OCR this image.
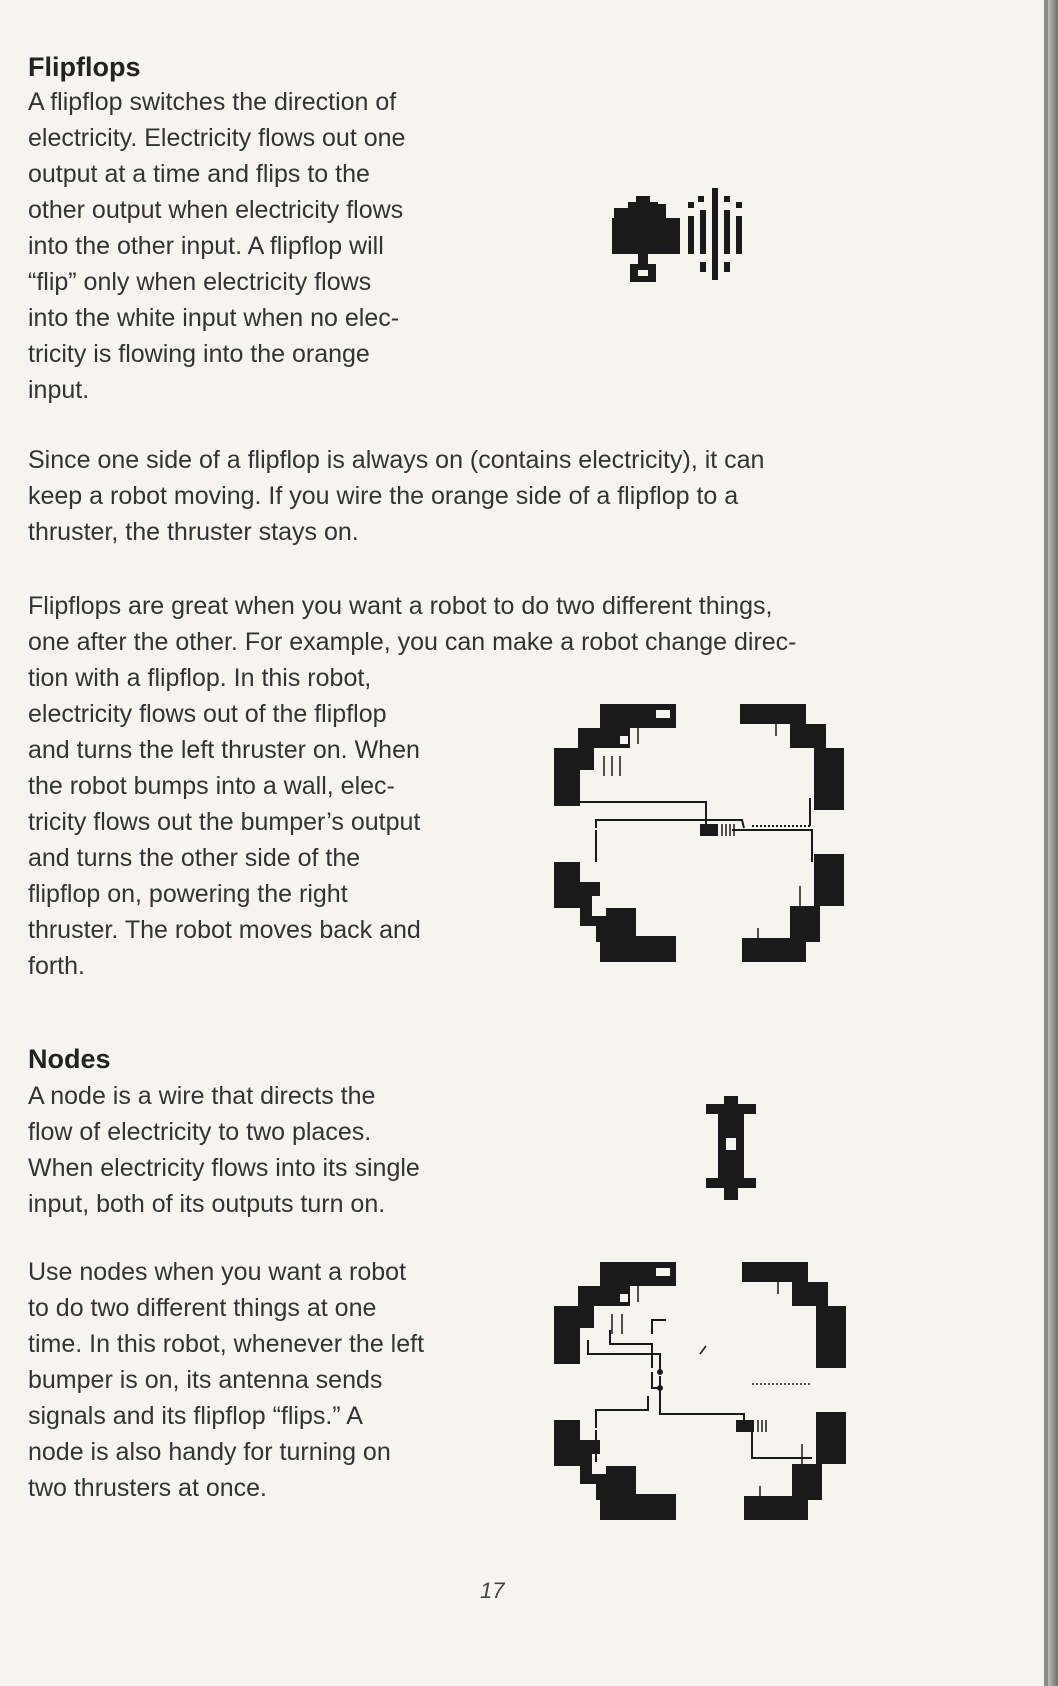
Flipflops

A flipflop switches the direction of
electricity. Electricity flows out one
output at a time and flips to the
other output when electricity flows
into the other input. A flipflop will
“flip” only when electricity flows
into the white input when no elec-
tricity is flowing into the orange
input.

Since one side of a flipflop is always on (contains electricity), it can
keep a robot moving. If you wire the orange side of a flipflop to a
thruster, the thruster stays on.

Flipflops are great when you want a robot to do two different things,
one after the other. For example, you can make a robot change direc-

tion with a flipflop. In this robot,
electricity flows out of the flipflop
and turns the left thruster on. When
the robot bumps into a wall, elec-
tricity flows out the bumper’s output
and turns the other side of the
flipflop on, powering the right
thruster. The robot moves back and
forth.

Nodes

A node is a wire that directs the
flow of electricity to two places.
When electricity flows into its single
input, both of its outputs turn on.

Use nodes when you want a robot
to do two different things at one
time. In this robot, whenever the left
bumper is on, its antenna sends
signals and its flipflop “flips.” A
node is also handy for turning on
two thrusters at once.

17
